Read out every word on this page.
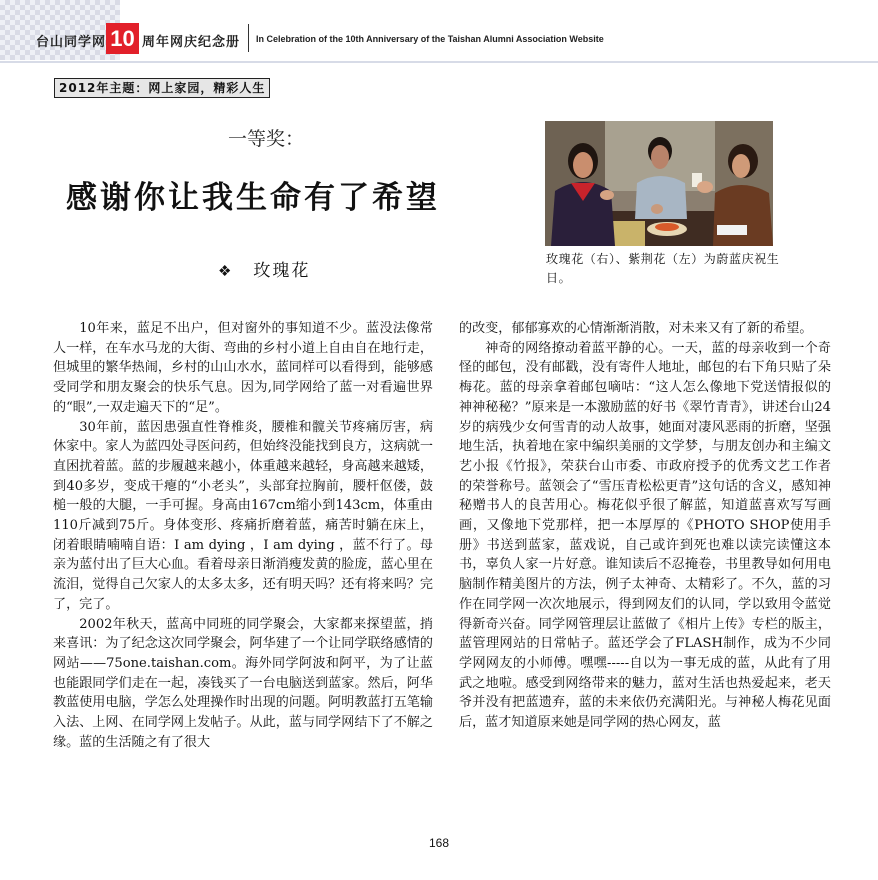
台山同学网 10 周年网庆纪念册 In Celebration of the 10th Anniversary of the Taishan Alumni Association Website
2012年主题：网上家园，精彩人生
一等奖：
感谢你让我生命有了希望
❖ 玫瑰花
玫瑰花（右）、紫荆花（左）为蔚蓝庆祝生日。

10年来，蓝足不出户，但对窗外的事知道不少。蓝没法像常人一样，在车水马龙的大街、弯曲的乡村小道上自由自在地行走，但城里的繁华热闹，乡村的山山水水，蓝同样可以看得到，能够感受同学和朋友聚会的快乐气息。因为,同学网给了蓝一对看遍世界的“眼”,一双走遍天下的“足”。

30年前，蓝因患强直性脊椎炎，腰椎和髋关节疼痛厉害，病休家中。家人为蓝四处寻医问药，但始终没能找到良方，这病就一直困扰着蓝。蓝的步履越来越小，体重越来越轻，身高越来越矮，到40多岁，变成干瘪的“小老头”，头部耷拉胸前，腰杆伛偻，鼓槌一般的大腿，一手可握。身高由167cm缩小到143cm，体重由110斤减到75斤。身体变形、疼痛折磨着蓝，痛苦时躺在床上，闭着眼睛喃喃自语：I am dying ，I am dying ，蓝不行了。母亲为蓝付出了巨大心血。看着母亲日渐消瘦发黄的脸庞，蓝心里在流泪，觉得自己欠家人的太多太多，还有明天吗？还有将来吗？完了，完了。

2002年秋天，蓝高中同班的同学聚会，大家都来探望蓝，捎来喜讯：为了纪念这次同学聚会，阿华建了一个让同学联络感情的网站——75one.taishan.com。海外同学阿波和阿平，为了让蓝也能跟同学们走在一起，凑钱买了一台电脑送到蓝家。然后，阿华教蓝使用电脑，学怎么处理操作时出现的问题。阿明教蓝打五笔输入法、上网、在同学网上发帖子。从此，蓝与同学网结下了不解之缘。蓝的生活随之有了很大

的改变，郁郁寡欢的心情渐渐消散，对未来又有了新的希望。

神奇的网络撩动着蓝平静的心。一天，蓝的母亲收到一个奇怪的邮包，没有邮戳，没有寄件人地址，邮包的右下角只贴了朵梅花。蓝的母亲拿着邮包嘀咕：“这人怎么像地下党送情报似的神神秘秘？”原来是一本激励蓝的好书《翠竹青青》，讲述台山24岁的病残少女何雪青的动人故事，她面对凄风恶雨的折磨，坚强地生活，执着地在家中编织美丽的文学梦，与朋友创办和主编文艺小报《竹报》，荣获台山市委、市政府授予的优秀文艺工作者的荣誉称号。蓝领会了“雪压青松松更青”这句话的含义，感知神秘赠书人的良苦用心。梅花似乎很了解蓝，知道蓝喜欢写写画画，又像地下党那样，把一本厚厚的《PHOTO SHOP使用手册》书送到蓝家，蓝戏说，自己或许到死也难以读完读懂这本书，辜负人家一片好意。谁知读后不忍掩卷，书里教导如何用电脑制作精美图片的方法，例子太神奇、太精彩了。不久，蓝的习作在同学网一次次地展示，得到网友们的认同，学以致用令蓝觉得新奇兴奋。同学网管理层让蓝做了《相片上传》专栏的版主，蓝管理网站的日常帖子。蓝还学会了FLASH制作，成为不少同学网网友的小师傅。嘿嘿-----自以为一事无成的蓝，从此有了用武之地啦。感受到网络带来的魅力，蓝对生活也热爱起来，老天爷并没有把蓝遗弃，蓝的未来依仍充满阳光。与神秘人梅花见面后，蓝才知道原来她是同学网的热心网友，蓝

168
